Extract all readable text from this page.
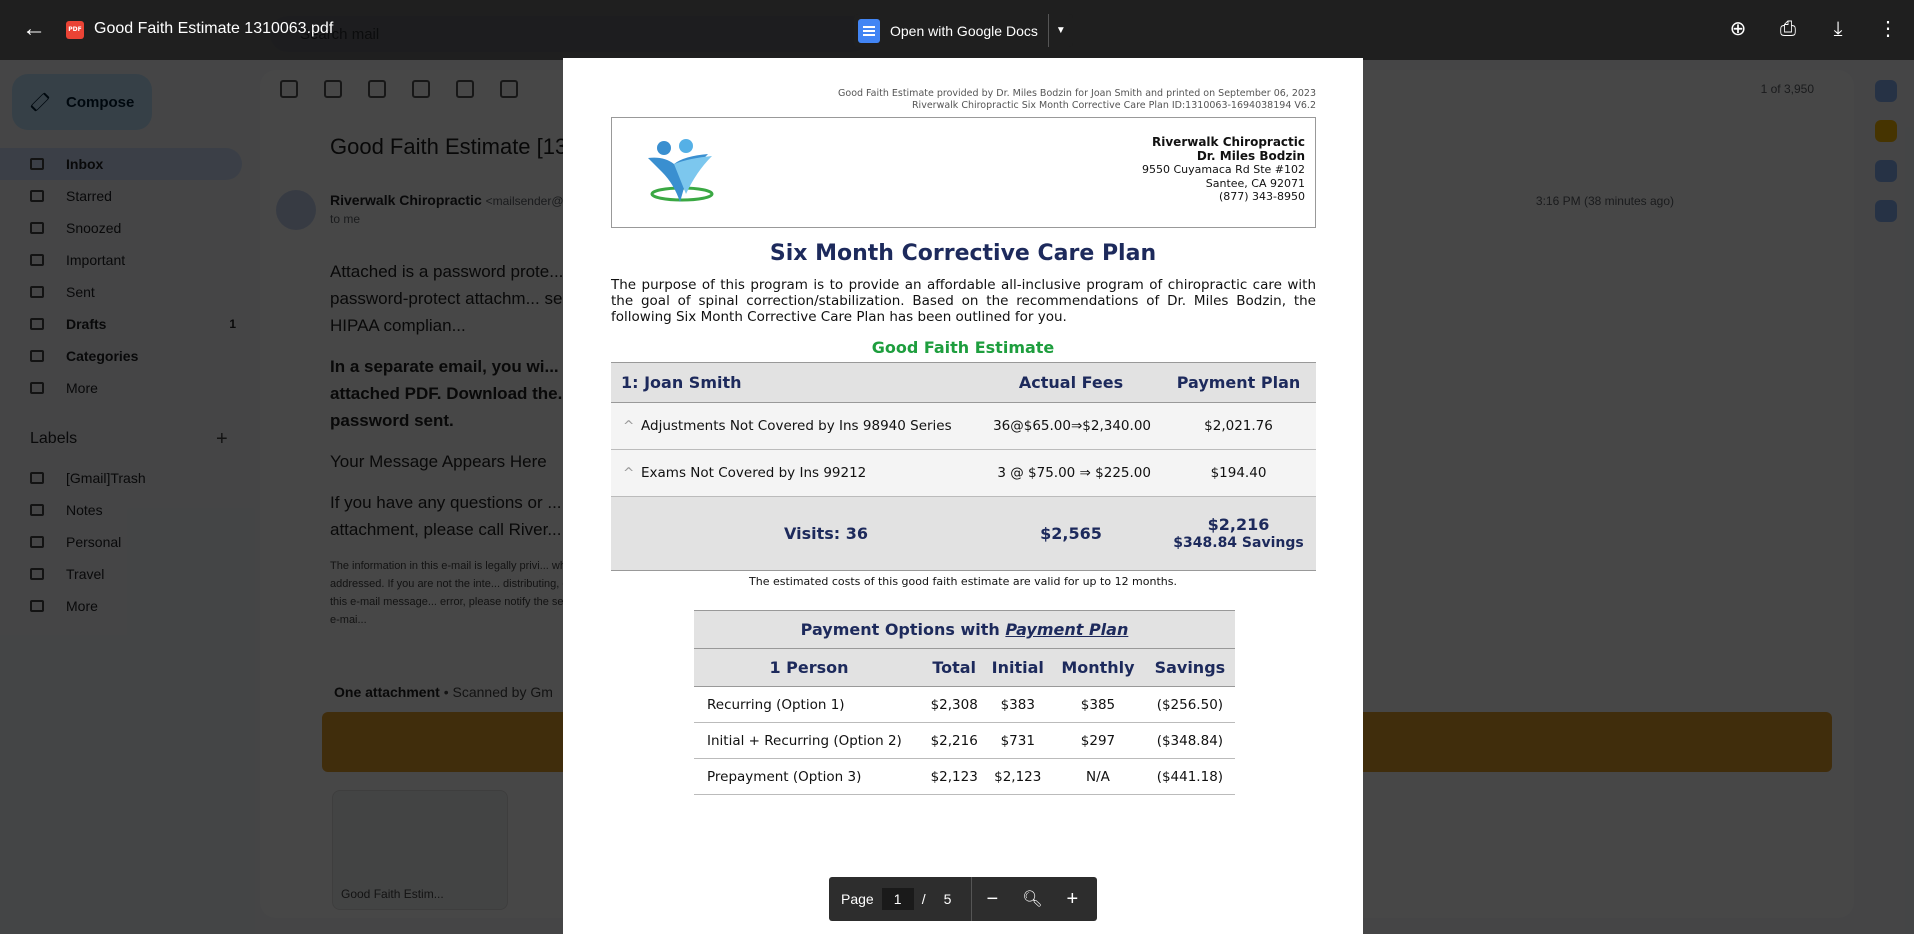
←	PDF Good Faith Estimate 1310063.pdf	Open with Google Docs	▼	⊕ ⎙	⤓	⋮
Good Faith Estimate provided by Dr. Miles Bodzin for Joan Smith and printed on September 06, 2023
Riverwalk Chiropractic Six Month Corrective Care Plan ID:1310063-1694038194 V6.2
Riverwalk Chiropractic
Dr. Miles Bodzin
9550 Cuyamaca Rd Ste #102
Santee, CA 92071
(877) 343-8950
Six Month Corrective Care Plan
The purpose of this program is to provide an affordable all-inclusive program of chiropractic care with the goal of spinal correction/stabilization. Based on the recommendations of Dr. Miles Bodzin, the following Six Month Corrective Care Plan has been outlined for you.
Good Faith Estimate
1: Joan Smith		Actual Fees	Payment Plan
^	Adjustments Not Covered by Ins 98940 Series	36@$65.00⇒$2,340.00	$2,021.76
^	Exams Not Covered by Ins 99212	3 @ $75.00 ⇒ $225.00	$194.40
Visits: 36		$2,565	$2,216
$348.84 Savings
The estimated costs of this good faith estimate are valid for up to 12 months.
Payment Options with Payment Plan				
1 Person	Total	Initial	Monthly	Savings
Recurring (Option 1)	$2,308	$383	$385	($256.50)
Initial + Recurring (Option 2)	$2,216	$731	$297	($348.84)
Prepayment (Option 3)	$2,123	$2,123	N/A	($441.18)
Page
1	/ 5	−	🔍︎	+
